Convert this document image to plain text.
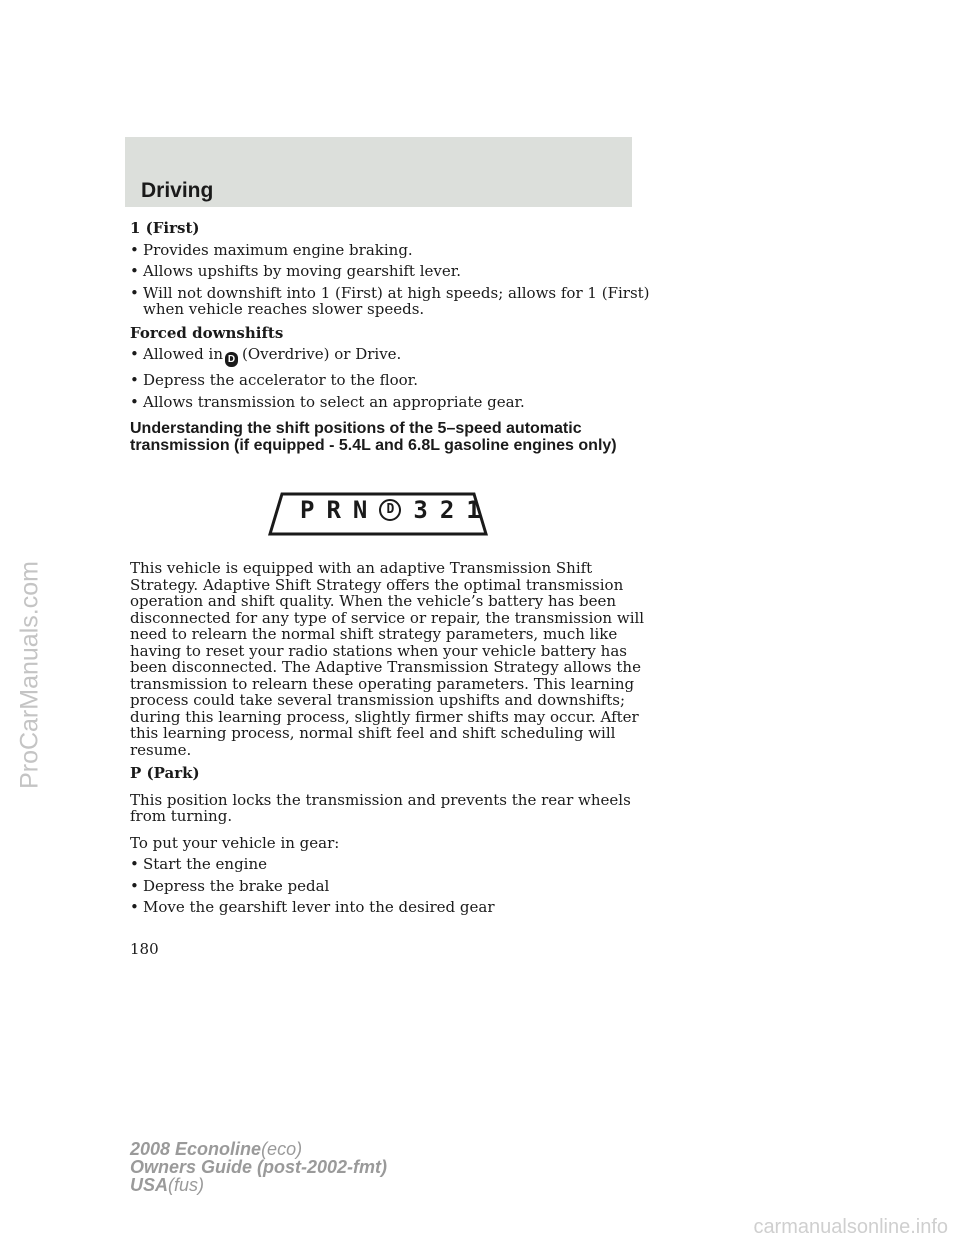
Driving

1 (First)

• Provides maximum engine braking.

• Allows upshifts by moving gearshift lever.

• Will not downshift into 1 (First) at high speeds; allows for 1 (First) when vehicle reaches slower speeds.

Forced downshifts

• Allowed in D (Overdrive) or Drive.

• Depress the accelerator to the floor.

• Allows transmission to select an appropriate gear.

Understanding the shift positions of the 5–speed automatic transmission (if equipped - 5.4L and 6.8L gasoline engines only)

This vehicle is equipped with an adaptive Transmission Shift Strategy. Adaptive Shift Strategy offers the optimal transmission operation and shift quality. When the vehicle’s battery has been disconnected for any type of service or repair, the transmission will need to relearn the normal shift strategy parameters, much like having to reset your radio stations when your vehicle battery has been disconnected. The Adaptive Transmission Strategy allows the transmission to relearn these operating parameters. This learning process could take several transmission upshifts and downshifts; during this learning process, slightly firmer shifts may occur. After this learning process, normal shift feel and shift scheduling will resume.

P (Park)

This position locks the transmission and prevents the rear wheels from turning.

To put your vehicle in gear:

• Start the engine

• Depress the brake pedal

• Move the gearshift lever into the desired gear

P R N	D 3 2 1
180
2008 Econoline(eco)
Owners Guide (post-2002-fmt)
USA(fus)
ProCarManuals.com
carmanualsonline.info
